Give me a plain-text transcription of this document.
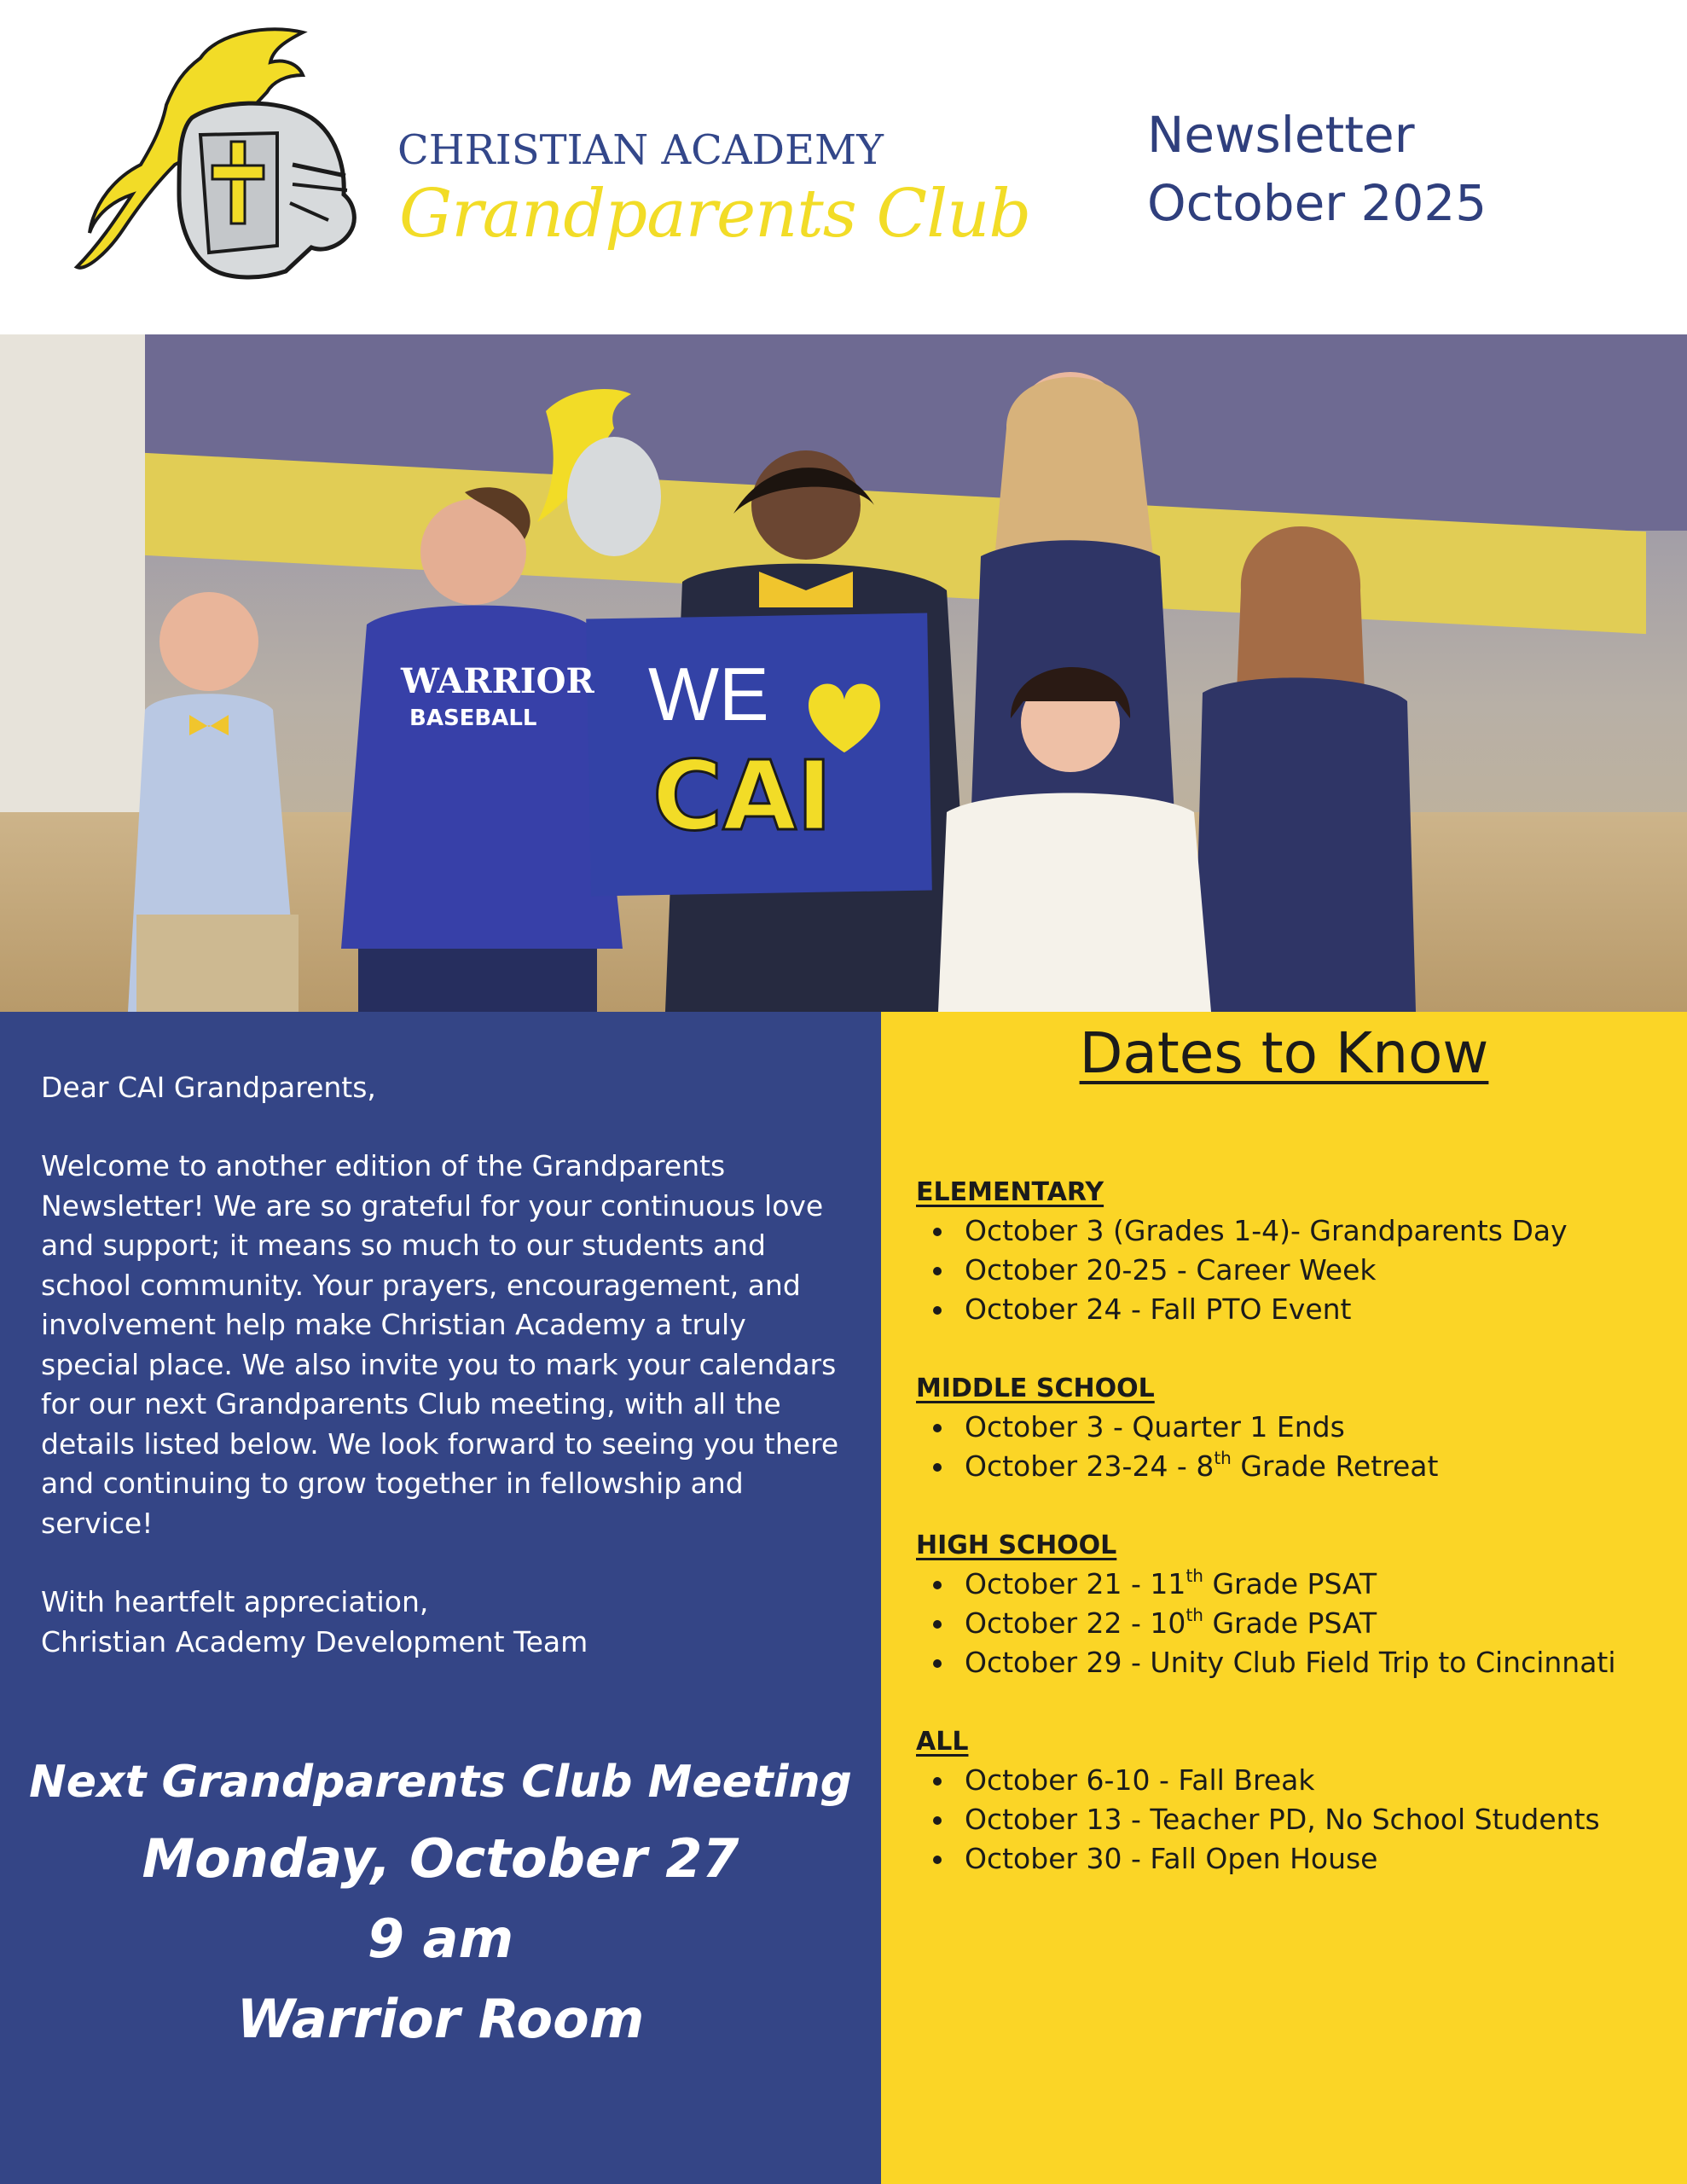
CHRISTIAN ACADEMY
Grandparents Club
Newsletter
October 2025
WE
CAI
WARRIOR
BASEBALL
Dear CAI Grandparents,
Welcome to another edition of the Grandparents Newsletter! We are so grateful for your continuous love and support; it means so much to our students and school community. Your prayers, encouragement, and involvement help make Christian Academy a truly special place. We also invite you to mark your calendars for our next Grandparents Club meeting, with all the details listed below. We look forward to seeing you there and continuing to grow together in fellowship and service!
With heartfelt appreciation,
Christian Academy Development Team
Next Grandparents Club Meeting
Monday, October 27
9 am
Warrior Room
Dates to Know
ELEMENTARY
October 3 (Grades 1-4)- Grandparents Day
October 20-25 - Career Week
October 24 - Fall PTO Event
MIDDLE SCHOOL
October 3 - Quarter 1 Ends
October 23-24 - 8th Grade Retreat
HIGH SCHOOL
October 21 - 11th Grade PSAT
October 22 - 10th Grade PSAT
October 29 - Unity Club Field Trip to Cincinnati
ALL
October 6-10 - Fall Break
October 13 - Teacher PD, No School Students
October 30 - Fall Open House
